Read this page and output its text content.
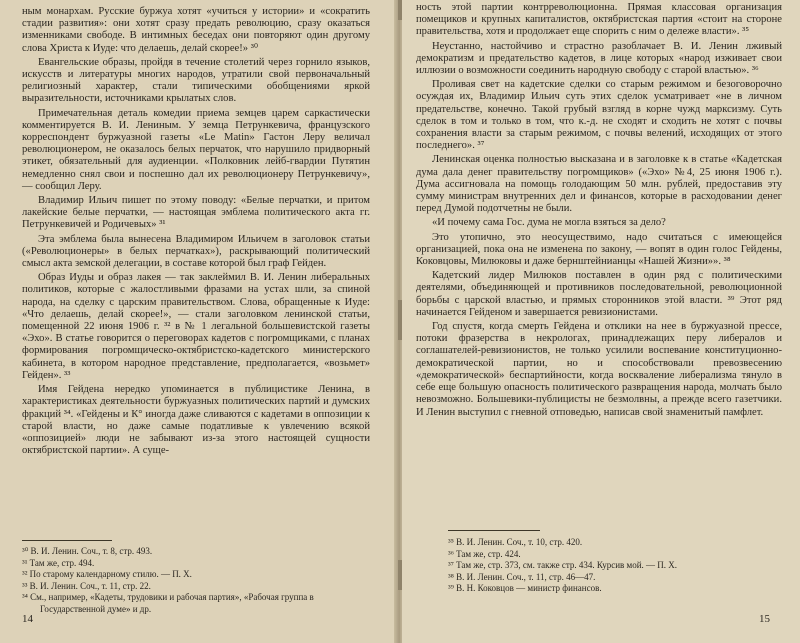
ным монархам. Русские буржуа хотят «учиться у истории» и «сократить стадии развития»: они хотят сразу предать революцию, сразу оказаться изменниками свободе. В интимных беседах они повторяют один другому слова Христа к Иуде: что делаешь, делай скорее!» ³⁰

Евангельские образы, пройдя в течение столетий через горнило языков, искусств и литературы многих народов, утратили свой первоначальный религиозный характер, стали типическими обобщениями яркой выразительности, источниками крылатых слов.

Примечательная деталь комедии приема земцев царем саркастически комментируется В. И. Лениным. У земца Петрункевича, французского корреспондент буржуазной газеты «Le Matin» Гастон Леру величал революционером, не оказалось белых перчаток, что нарушило придворный этикет, обязательный для аудиенции. «Полковник лейб-гвардии Путятин немедленно снял свои и поспешно дал их революционеру Петрункевичу», — сообщил Леру.

Владимир Ильич пишет по этому поводу: «Белые перчатки, и притом лакейские белые перчатки, — настоящая эмблема политического акта гг. Петрункевичей и Родичевых» ³¹

Эта эмблема была вынесена Владимиром Ильичем в заголовок статьи («Революционеры» в белых перчатках»), раскрывающий политический смысл акта земской делегации, в составе которой был граф Гейден.

Образ Иуды и образ лакея — так заклеймил В. И. Ленин либеральных политиков, которые с жалостливыми фразами на устах шли, за спиной народа, на сделку с царским правительством. Слова, обращенные к Иуде: «Что делаешь, делай скорее!», — стали заголовком ленинской статьи, помещенной 22 июня 1906 г. ³² в № 1 легальной большевистской газеты «Эхо». В статье говорится о переговорах кадетов с погромщиками, с планах формирования погромщическо-октябристско-кадетского министерского кабинета, в котором народное представление, предполагается, «возьмет» Гейден». ³³

Имя Гейдена нередко упоминается в публицистике Ленина, в характеристиках деятельности буржуазных политических партий и думских фракций ³⁴. «Гейдены и К° иногда даже сливаются с кадетами в оппозиции к старой власти, но даже самые податливые к увлечению всякой «оппозицией» люди не забывают из-за этого настоящей сущности октябристской партии». А суще-

³⁰ В. И. Ленин. Соч., т. 8, стр. 493.
³¹ Там же, стр. 494.
³² По старому календарному стилю. — П. Х.
³³ В. И. Ленин. Соч., т. 11, стр. 22.
³⁴ См., например, «Кадеты, трудовики и рабочая партия», «Рабочая группа в Государственной думе» и др.
14

ность этой партии контрреволюционна. Прямая классовая организация помещиков и крупных капиталистов, октябристская партия «стоит на стороне правительства, хотя и продолжает еще спорить с ним о дележе власти». ³⁵

Неустанно, настойчиво и страстно разоблачает В. И. Ленин лживый демократизм и предательство кадетов, в лице которых «народ изживает свои иллюзии о возможности соединить народную свободу с старой властью». ³⁶

Проливая свет на кадетские сделки со старым режимом и безоговорочно осуждая их, Владимир Ильич суть этих сделок усматривает «не в личном предательстве, конечно. Такой грубый взгляд в корне чужд марксизму. Суть сделок в том и только в том, что к.-д. не сходят и сходить не хотят с почвы сохранения власти за старым режимом, с почвы велений, исходящих от этого последнего». ³⁷

Ленинская оценка полностью высказана и в заголовке к в статье «Кадетская дума дала денег правительству погромщиков» («Эхо» №4, 25 июня 1906 г.). Дума ассигновала на помощь голодающим 50 млн. рублей, предоставив эту сумму министрам внутренних дел и финансов, которые в расходовании денег перед Думой подотчетны не были.

«И почему сама Гос. дума не могла взяться за дело?

Это утопично, это неосуществимо, надо считаться с имеющейся организацией, пока она не изменена по закону, — вопят в один голос Гейдены, Коковцовы, Милюковы и даже бернштейнианцы «Нашей Жизни»». ³⁸

Кадетский лидер Милюков поставлен в один ряд с политическими деятелями, объединяющей и противников последовательной, революционной борьбы с царской властью, и прямых сторонников этой власти. ³⁹ Этот ряд начинается Гейденом и завершается ревизионистами.

Год спустя, когда смерть Гейдена и отклики на нее в буржуазной прессе, потоки фразерства в некрологах, принадлежащих перу либералов и соглашателей-ревизионистов, не только усилили воспевание конституционно-демократической партии, но и способствовали превозвесению «демократической» беспартийности, когда воскваление либерализма тянуло в себе еще большую опасность политического развращения народа, молчать было невозможно. Большевики-публицисты не безмолвны, а прежде всего газетчики. И Ленин выступил с гневной отповедью, написав свой знаменитый памфлет.

³⁵ В. И. Ленин. Соч., т. 10, стр. 420.
³⁶ Там же, стр. 424.
³⁷ Там же, стр. 373, см. также стр. 434. Курсив мой. — П. Х.
³⁸ В. И. Ленин. Соч., т. 11, стр. 46—47.
³⁹ В. Н. Коковцов — министр финансов.
15
